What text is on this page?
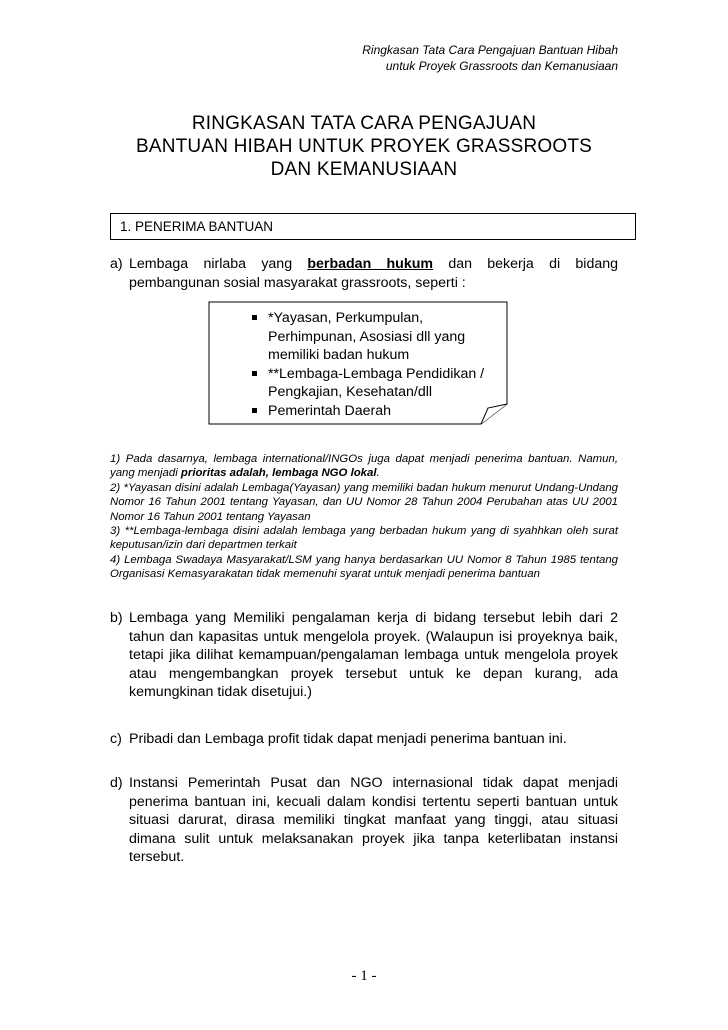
Ringkasan Tata Cara Pengajuan Bantuan Hibah
untuk Proyek Grassroots dan Kemanusiaan
RINGKASAN TATA CARA PENGAJUAN
BANTUAN HIBAH UNTUK PROYEK GRASSROOTS
DAN KEMANUSIAAN
1. PENERIMA BANTUAN
a) Lembaga nirlaba yang berbadan hukum dan bekerja di bidang pembangunan sosial masyarakat grassroots, seperti :
*Yayasan, Perkumpulan, Perhimpunan, Asosiasi dll yang memiliki badan hukum
**Lembaga-Lembaga Pendidikan / Pengkajian, Kesehatan/dll
Pemerintah Daerah
1) Pada dasarnya, lembaga international/INGOs juga dapat menjadi penerima bantuan. Namun, yang menjadi prioritas adalah, lembaga NGO lokal.
2) *Yayasan disini adalah Lembaga(Yayasan) yang memiliki badan hukum menurut Undang-Undang Nomor 16 Tahun 2001 tentang Yayasan, dan UU Nomor 28 Tahun 2004 Perubahan atas UU 2001 Nomor 16 Tahun 2001 tentang Yayasan
3) **Lembaga-lembaga disini adalah lembaga yang berbadan hukum yang di syahhkan oleh surat keputusan/izin dari departmen terkait
4) Lembaga Swadaya Masyarakat/LSM yang hanya berdasarkan UU Nomor 8 Tahun 1985 tentang Organisasi Kemasyarakatan tidak memenuhi syarat untuk menjadi penerima bantuan
b) Lembaga yang Memiliki pengalaman kerja di bidang tersebut lebih dari 2 tahun dan kapasitas untuk mengelola proyek. (Walaupun isi proyeknya baik, tetapi jika dilihat kemampuan/pengalaman lembaga untuk mengelola proyek atau mengembangkan proyek tersebut untuk ke depan kurang, ada kemungkinan tidak disetujui.)
c) Pribadi dan Lembaga profit tidak dapat menjadi penerima bantuan ini.
d) Instansi Pemerintah Pusat dan NGO internasional tidak dapat menjadi penerima bantuan ini, kecuali dalam kondisi tertentu seperti bantuan untuk situasi darurat, dirasa memiliki tingkat manfaat yang tinggi, atau situasi dimana sulit untuk melaksanakan proyek jika tanpa keterlibatan instansi tersebut.
- 1 -
